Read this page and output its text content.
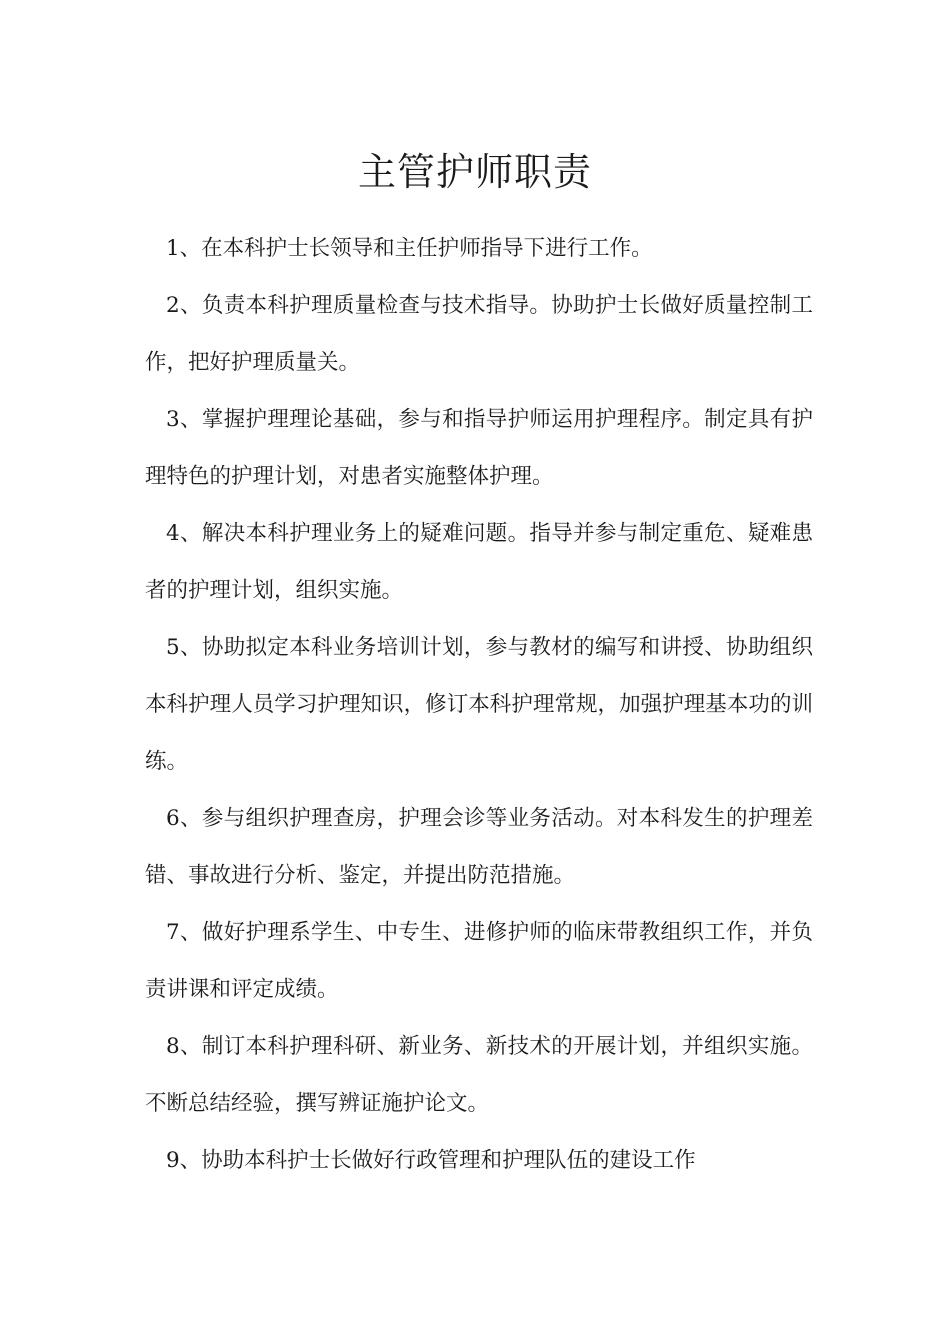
主管护师职责

1、在本科护士长领导和主任护师指导下进行工作。

2、负责本科护理质量检查与技术指导。协助护士长做好质量控制工作，把好护理质量关。

3、掌握护理理论基础，参与和指导护师运用护理程序。制定具有护理特色的护理计划，对患者实施整体护理。

4、解决本科护理业务上的疑难问题。指导并参与制定重危、疑难患者的护理计划，组织实施。

5、协助拟定本科业务培训计划，参与教材的编写和讲授、协助组织本科护理人员学习护理知识，修订本科护理常规，加强护理基本功的训练。

6、参与组织护理查房，护理会诊等业务活动。对本科发生的护理差错、事故进行分析、鉴定，并提出防范措施。

7、做好护理系学生、中专生、进修护师的临床带教组织工作，并负责讲课和评定成绩。

8、制订本科护理科研、新业务、新技术的开展计划，并组织实施。不断总结经验，撰写辨证施护论文。

9、协助本科护士长做好行政管理和护理队伍的建设工作
